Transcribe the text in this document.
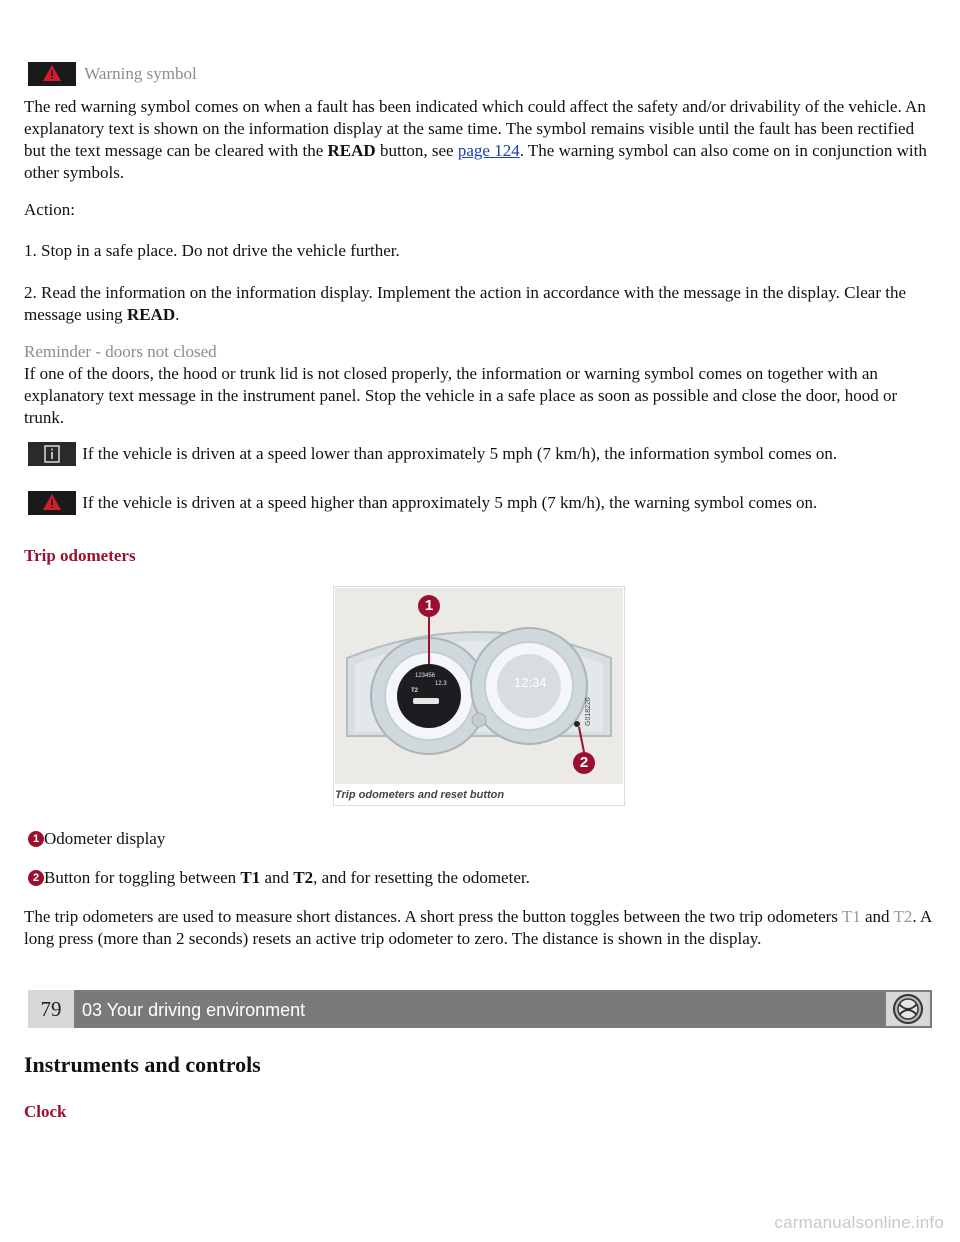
Warning symbol

The red warning symbol comes on when a fault has been indicated which could affect the safety and/or drivability of the vehicle. An explanatory text is shown on the information display at the same time. The symbol remains visible until the fault has been rectified but the text message can be cleared with the READ button, see page 124. The warning symbol can also come on in conjunction with other symbols.

Action:

1. Stop in a safe place. Do not drive the vehicle further.

2. Read the information on the information display. Implement the action in accordance with the message in the display. Clear the message using READ.

Reminder - doors not closed

If one of the doors, the hood or trunk lid is not closed properly, the information or warning symbol comes on together with an explanatory text message in the instrument panel. Stop the vehicle in a safe place as soon as possible and close the door, hood or trunk.

If the vehicle is driven at a speed lower than approximately 5 mph (7 km/h), the information symbol comes on.
If the vehicle is driven at a speed higher than approximately 5 mph (7 km/h), the warning symbol comes on.

Trip odometers

1
2
123456
12.3
T2
12:34
G018226
Trip odometers and reset button
1 Odometer display
2 Button for toggling between T1 and T2, and for resetting the odometer.

The trip odometers are used to measure short distances. A short press the button toggles between the two trip odometers T1 and T2. A long press (more than 2 seconds) resets an active trip odometer to zero. The distance is shown in the display.

79	03 Your driving environment

Instruments and controls

Clock

carmanualsonline.info
